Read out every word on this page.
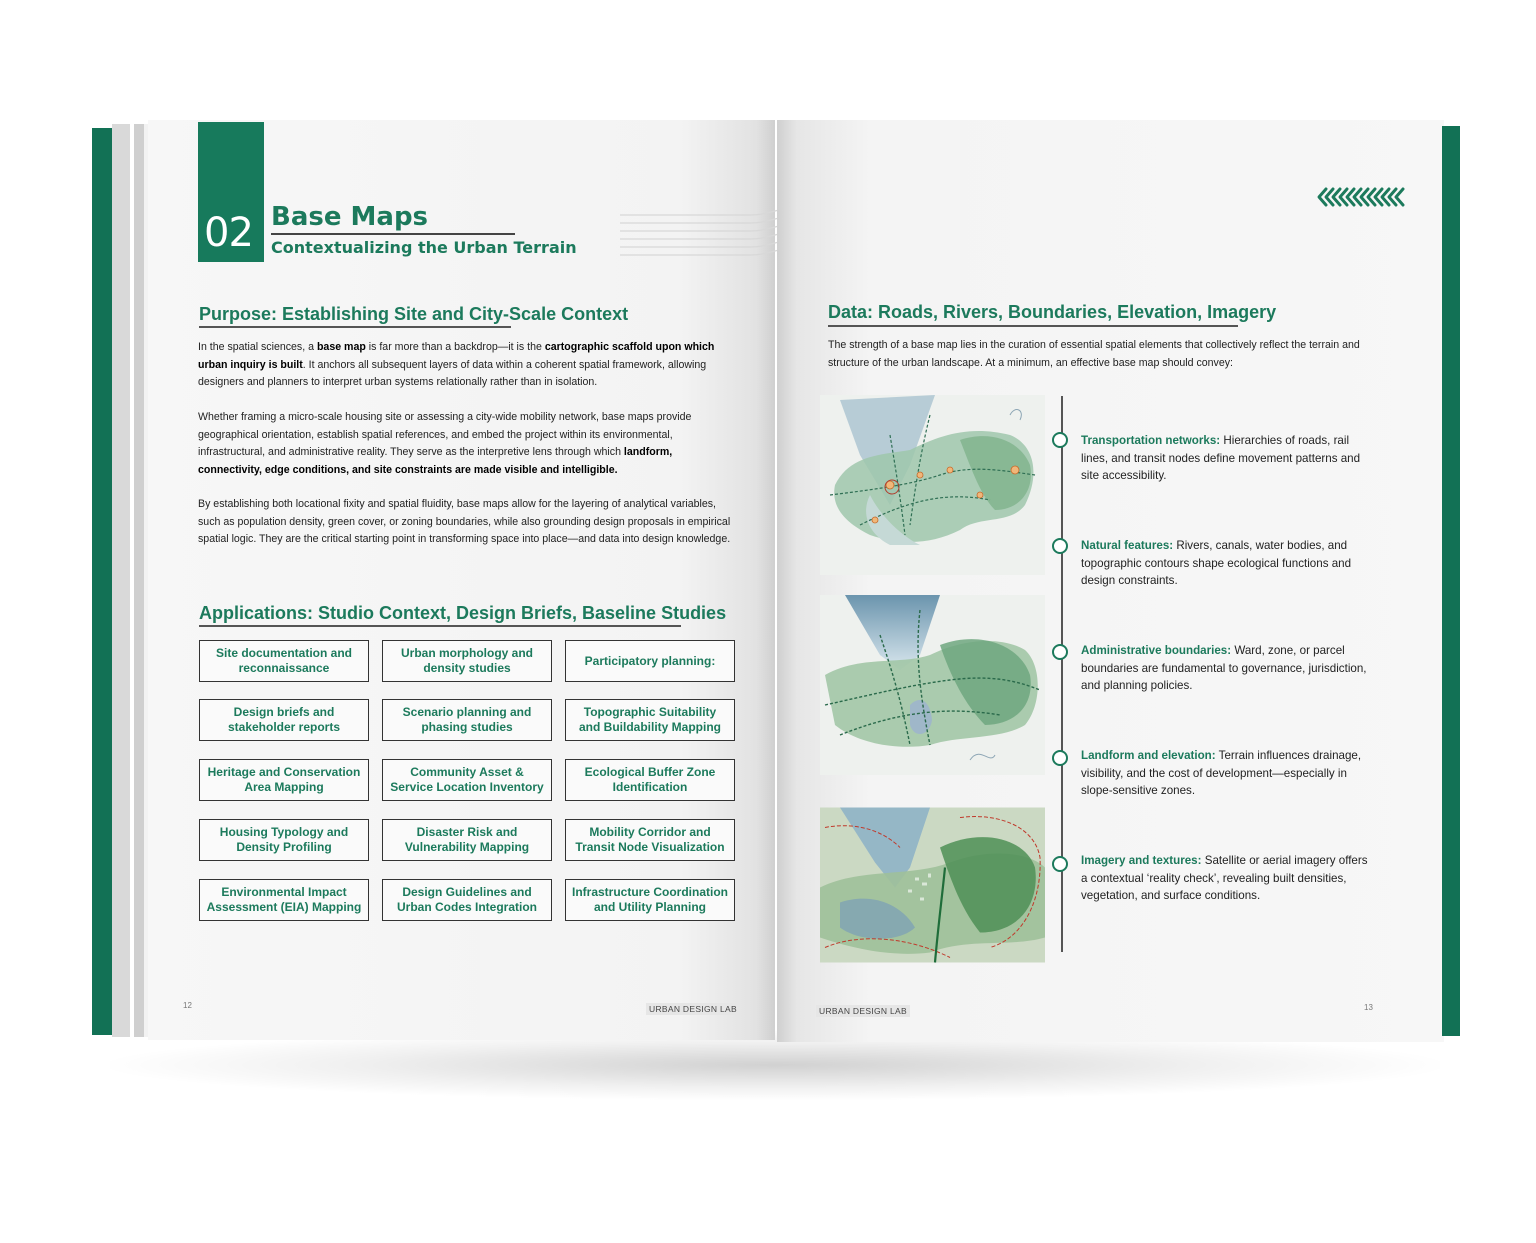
02 Base Maps
Contextualizing the Urban Terrain
Purpose: Establishing Site and City-Scale Context
In the spatial sciences, a base map is far more than a backdrop—it is the cartographic scaffold upon which urban inquiry is built. It anchors all subsequent layers of data within a coherent spatial framework, allowing designers and planners to interpret urban systems relationally rather than in isolation.
Whether framing a micro-scale housing site or assessing a city-wide mobility network, base maps provide geographical orientation, establish spatial references, and embed the project within its environmental, infrastructural, and administrative reality. They serve as the interpretive lens through which landform, connectivity, edge conditions, and site constraints are made visible and intelligible.
By establishing both locational fixity and spatial fluidity, base maps allow for the layering of analytical variables, such as population density, green cover, or zoning boundaries, while also grounding design proposals in empirical spatial logic. They are the critical starting point in transforming space into place—and data into design knowledge.
Applications: Studio Context, Design Briefs, Baseline Studies
Site documentation and reconnaissance
Urban morphology and density studies
Participatory planning:
Design briefs and stakeholder reports
Scenario planning and phasing studies
Topographic Suitability and Buildability Mapping
Heritage and Conservation Area Mapping
Community Asset & Service Location Inventory
Ecological Buffer Zone Identification
Housing Typology and Density Profiling
Disaster Risk and Vulnerability Mapping
Mobility Corridor and Transit Node Visualization
Environmental Impact Assessment (EIA) Mapping
Design Guidelines and Urban Codes Integration
Infrastructure Coordination and Utility Planning
12	URBAN DESIGN LAB
Data: Roads, Rivers, Boundaries, Elevation, Imagery
The strength of a base map lies in the curation of essential spatial elements that collectively reflect the terrain and structure of the urban landscape. At a minimum, an effective base map should convey:
Transportation networks: Hierarchies of roads, rail lines, and transit nodes define movement patterns and site accessibility.
Natural features: Rivers, canals, water bodies, and topographic contours shape ecological functions and design constraints.
Administrative boundaries: Ward, zone, or parcel boundaries are fundamental to governance, jurisdiction, and planning policies.
Landform and elevation: Terrain influences drainage, visibility, and the cost of development—especially in slope-sensitive zones.
Imagery and textures: Satellite or aerial imagery offers a contextual ‘reality check’, revealing built densities, vegetation, and surface conditions.
URBAN DESIGN LAB	13
